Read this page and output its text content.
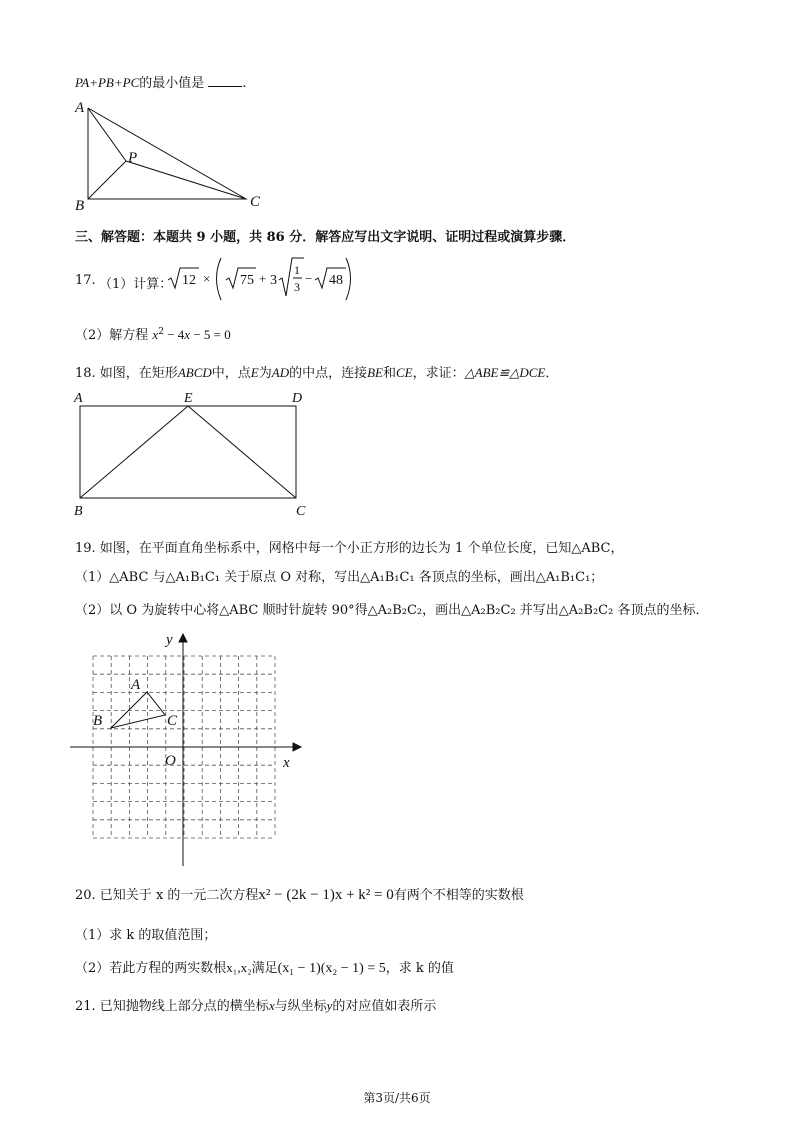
PA+PB+PC的最小值是	.
A
B	C
P
三、解答题：本题共 9 小题，共 86 分．解答应写出文字说明、证明过程或演算步骤．
17. （1）计算： 12 × 75 + 3
1
3
− 48
（2）解方程 $x^2 - 4x - 5 = 0$
18. 如图，在矩形ABCD中，点E为AD的中点，连接BE和CE，求证：△ABE≌△DCE．
A	E	D
B	C
19. 如图，在平面直角坐标系中，网格中每一个小正方形的边长为 1 个单位长度，已知△ABC，
（1）△ABC 与△A₁B₁C₁ 关于原点 O 对称，写出△A₁B₁C₁ 各顶点的坐标，画出△A₁B₁C₁；
（2）以 O 为旋转中心将△ABC 顺时针旋转 90°得△A₂B₂C₂，画出△A₂B₂C₂ 并写出△A₂B₂C₂ 各顶点的坐标．
A
B	C
O	x
y
20. 已知关于 x 的一元二次方程x² − (2k − 1)x + k² = 0有两个不相等的实数根
（1）求 k 的取值范围；
（2）若此方程的两实数根x₁,x₂满足(x₁ − 1)(x₂ − 1) = 5，求 k 的值
21. 已知抛物线上部分点的横坐标x与纵坐标y的对应值如表所示
第3页/共6页
